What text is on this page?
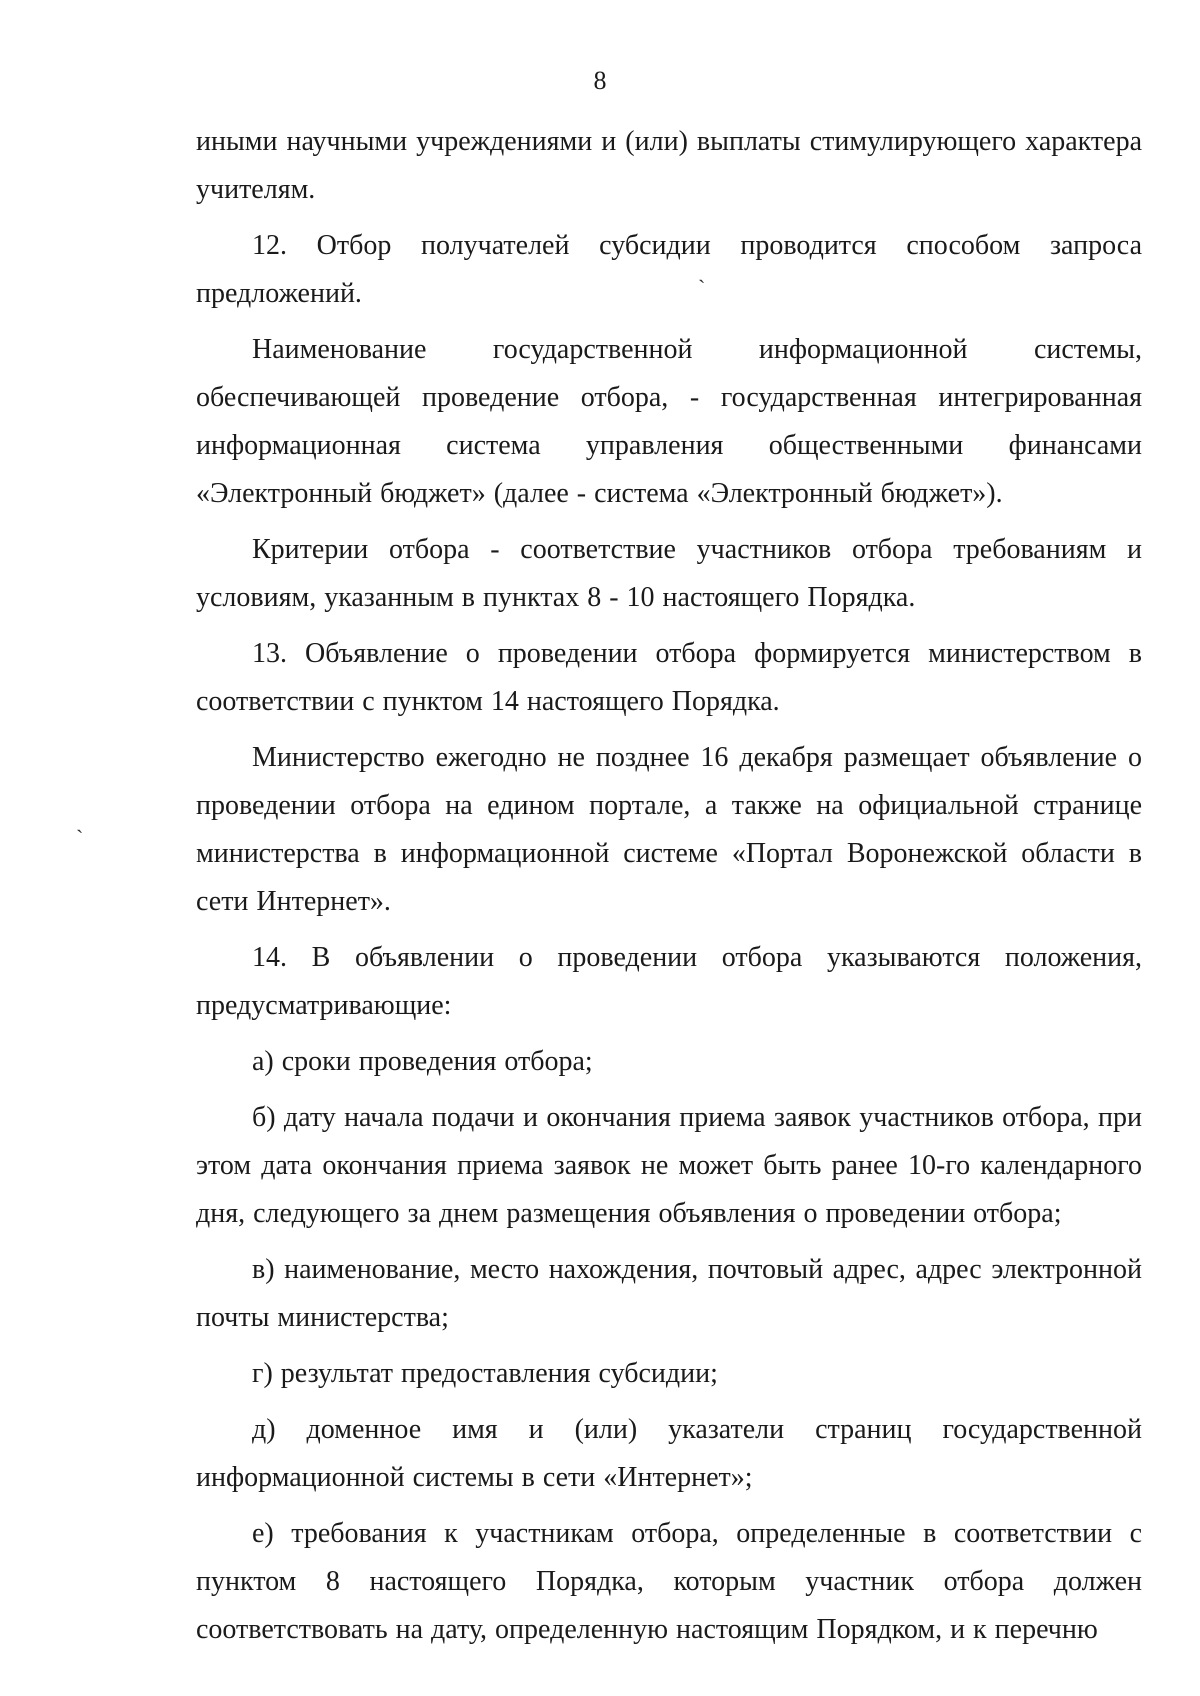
8
ˎ
ˏ

иными научными учреждениями и (или) выплаты стимулирующего характера учителям.

12. Отбор получателей субсидии проводится способом запроса предложений.

Наименование государственной информационной системы, обеспечивающей проведение отбора, - государственная интегрированная информационная система управления общественными финансами «Электронный бюджет» (далее - система «Электронный бюджет»).

Критерии отбора - соответствие участников отбора требованиям и условиям, указанным в пунктах 8 - 10 настоящего Порядка.

13. Объявление о проведении отбора формируется министерством в соответствии с пунктом 14 настоящего Порядка.

Министерство ежегодно не позднее 16 декабря размещает объявление о проведении отбора на едином портале, а также на официальной странице министерства в информационной системе «Портал Воронежской области в сети Интернет».

14. В объявлении о проведении отбора указываются положения, предусматривающие:

а) сроки проведения отбора;

б) дату начала подачи и окончания приема заявок участников отбора, при этом дата окончания приема заявок не может быть ранее 10-го календарного дня, следующего за днем размещения объявления о проведении отбора;

в) наименование, место нахождения, почтовый адрес, адрес электронной почты министерства;

г) результат предоставления субсидии;

д) доменное имя и (или) указатели страниц государственной информационной системы в сети «Интернет»;

е) требования к участникам отбора, определенные в соответствии с пунктом 8 настоящего Порядка, которым участник отбора должен соответствовать на дату, определенную настоящим Порядком, и к перечню
